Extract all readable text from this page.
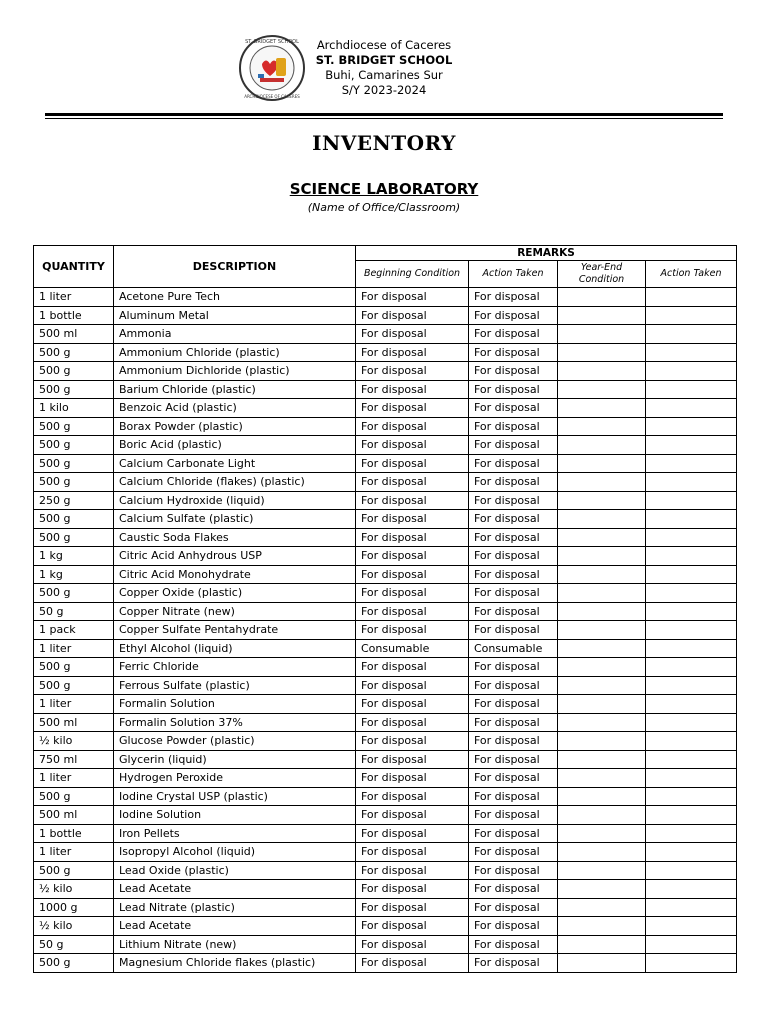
ST. BRIDGET SCHOOL
ARCHDIOCESE OF CACERES
Archdiocese of Caceres
ST. BRIDGET SCHOOL
Buhi, Camarines Sur
S/Y 2023-2024
INVENTORY
SCIENCE LABORATORY
(Name of Office/Classroom)
QUANTITY	DESCRIPTION	REMARKS			
		Beginning Condition	Action Taken	Year-End Condition	Action Taken
1 liter	Acetone Pure Tech	For disposal	For disposal		
1 bottle	Aluminum Metal	For disposal	For disposal		
500 ml	Ammonia	For disposal	For disposal		
500 g	Ammonium Chloride (plastic)	For disposal	For disposal		
500 g	Ammonium Dichloride (plastic)	For disposal	For disposal		
500 g	Barium Chloride (plastic)	For disposal	For disposal		
1 kilo	Benzoic Acid (plastic)	For disposal	For disposal		
500 g	Borax Powder (plastic)	For disposal	For disposal		
500 g	Boric Acid (plastic)	For disposal	For disposal		
500 g	Calcium Carbonate Light	For disposal	For disposal		
500 g	Calcium Chloride (flakes) (plastic)	For disposal	For disposal		
250 g	Calcium Hydroxide (liquid)	For disposal	For disposal		
500 g	Calcium Sulfate (plastic)	For disposal	For disposal		
500 g	Caustic Soda Flakes	For disposal	For disposal		
1 kg	Citric Acid Anhydrous USP	For disposal	For disposal		
1 kg	Citric Acid Monohydrate	For disposal	For disposal		
500 g	Copper Oxide (plastic)	For disposal	For disposal		
50 g	Copper Nitrate (new)	For disposal	For disposal		
1 pack	Copper Sulfate Pentahydrate	For disposal	For disposal		
1 liter	Ethyl Alcohol (liquid)	Consumable	Consumable		
500 g	Ferric Chloride	For disposal	For disposal		
500 g	Ferrous Sulfate (plastic)	For disposal	For disposal		
1 liter	Formalin Solution	For disposal	For disposal		
500 ml	Formalin Solution 37%	For disposal	For disposal		
½ kilo	Glucose Powder (plastic)	For disposal	For disposal		
750 ml	Glycerin (liquid)	For disposal	For disposal		
1 liter	Hydrogen Peroxide	For disposal	For disposal		
500 g	Iodine Crystal USP (plastic)	For disposal	For disposal		
500 ml	Iodine Solution	For disposal	For disposal		
1 bottle	Iron Pellets	For disposal	For disposal		
1 liter	Isopropyl Alcohol (liquid)	For disposal	For disposal		
500 g	Lead Oxide (plastic)	For disposal	For disposal		
½ kilo	Lead Acetate	For disposal	For disposal		
1000 g	Lead Nitrate (plastic)	For disposal	For disposal		
½ kilo	Lead Acetate	For disposal	For disposal		
50 g	Lithium Nitrate (new)	For disposal	For disposal		
500 g	Magnesium Chloride flakes (plastic)	For disposal	For disposal		
